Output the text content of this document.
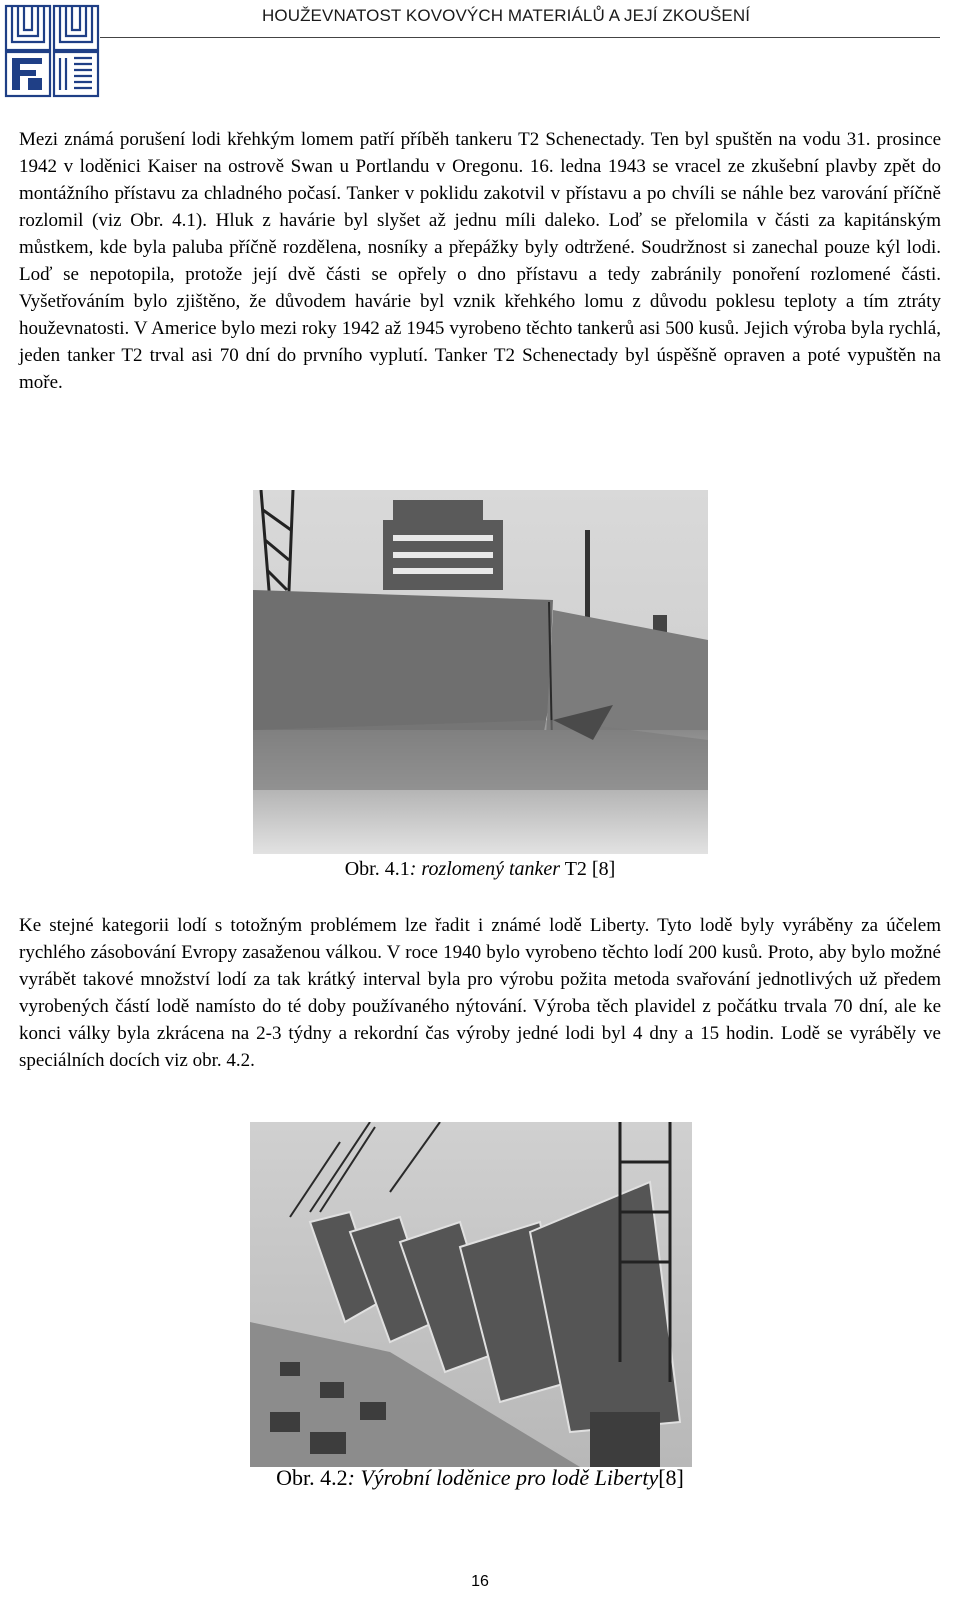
HOUŽEVNATOST KOVOVÝCH MATERIÁLŮ A JEJÍ ZKOUŠENÍ

Mezi známá porušení lodi křehkým lomem patří příběh tankeru T2 Schenectady. Ten byl spuštěn na vodu 31. prosince 1942 v loděnici Kaiser na ostrově Swan u Portlandu v Oregonu. 16. ledna 1943 se vracel ze zkušební plavby zpět do montážního přístavu za chladného počasí. Tanker v poklidu zakotvil v přístavu a po chvíli se náhle bez varování příčně rozlomil (viz Obr. 4.1). Hluk z havárie byl slyšet až jednu míli daleko. Loď se přelomila v části za kapitánským můstkem, kde byla paluba příčně rozdělena, nosníky a přepážky byly odtržené. Soudržnost si zanechal pouze kýl lodi. Loď se nepotopila, protože její dvě části se opřely o dno přístavu a tedy zabránily ponoření rozlomené části. Vyšetřováním bylo zjištěno, že důvodem havárie byl vznik křehkého lomu z důvodu poklesu teploty a tím ztráty houževnatosti. V Americe bylo mezi roky 1942 až 1945 vyrobeno těchto tankerů asi 500 kusů. Jejich výroba byla rychlá, jeden tanker T2 trval asi 70 dní do prvního vyplutí. Tanker T2 Schenectady byl úspěšně opraven a poté vypuštěn na moře.

Obr. 4.1: rozlomený tanker T2 [8]

Ke stejné kategorii lodí s totožným problémem lze řadit i známé lodě Liberty. Tyto lodě byly vyráběny za účelem rychlého zásobování Evropy zasaženou válkou. V roce 1940 bylo vyrobeno těchto lodí 200 kusů. Proto, aby bylo možné vyrábět takové množství lodí za tak krátký interval byla pro výrobu požita metoda svařování jednotlivých už předem vyrobených částí lodě namísto do té doby používaného nýtování. Výroba těch plavidel z počátku trvala 70 dní, ale ke konci války byla zkrácena na 2-3 týdny a rekordní čas výroby jedné lodi byl 4 dny a 15 hodin. Lodě se vyráběly ve speciálních docích viz obr. 4.2.

Obr. 4.2: Výrobní loděnice pro lodě Liberty[8]
16
